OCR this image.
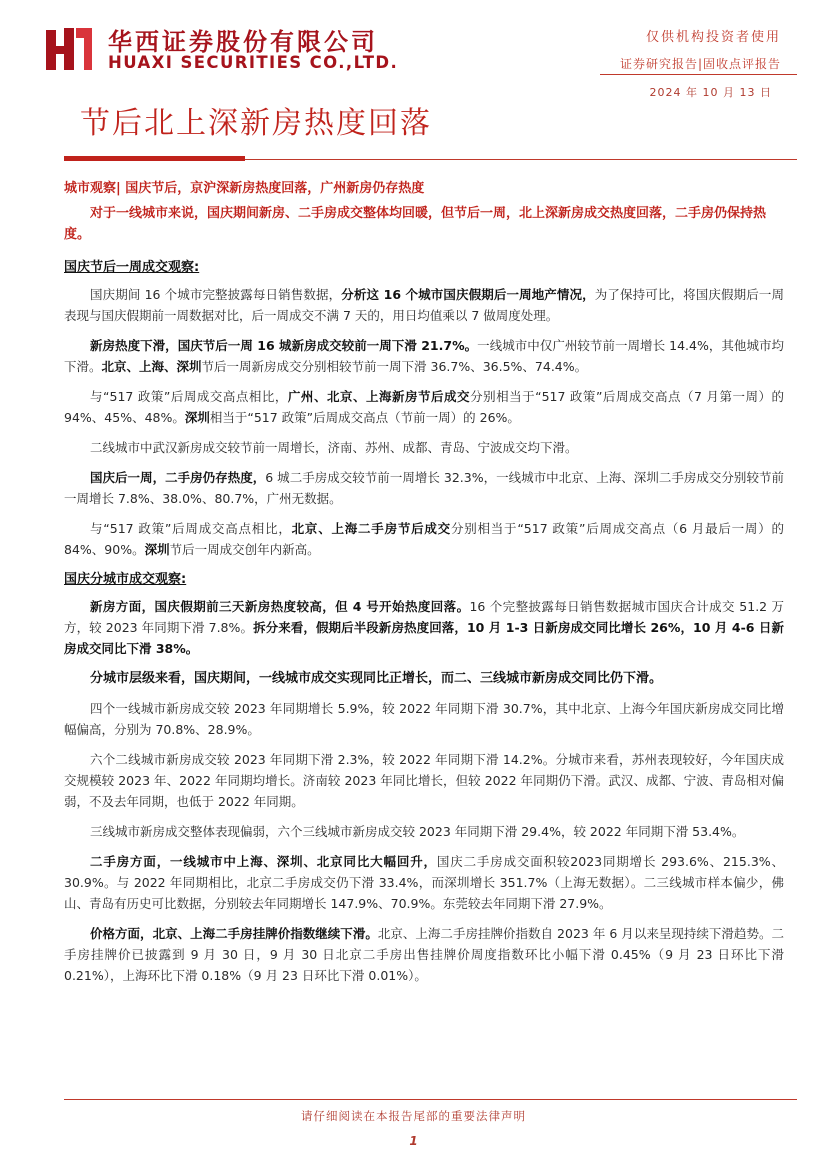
华西证券股份有限公司
HUAXI SECURITIES CO.,LTD.
仅供机构投资者使用
证券研究报告|固收点评报告
2024 年 10 月 13 日
节后北上深新房热度回落

城市观察| 国庆节后，京沪深新房热度回落，广州新房仍存热度

对于一线城市来说，国庆期间新房、二手房成交整体均回暖，但节后一周，北上深新房成交热度回落，二手房仍保持热度。

国庆节后一周成交观察:

国庆期间 16 个城市完整披露每日销售数据，分析这 16 个城市国庆假期后一周地产情况，为了保持可比，将国庆假期后一周表现与国庆假期前一周数据对比，后一周成交不满 7 天的，用日均值乘以 7 做周度处理。

新房热度下滑，国庆节后一周 16 城新房成交较前一周下滑 21.7%。一线城市中仅广州较节前一周增长 14.4%，其他城市均下滑。北京、上海、深圳节后一周新房成交分别相较节前一周下滑 36.7%、36.5%、74.4%。

与“517 政策”后周成交高点相比，广州、北京、上海新房节后成交分别相当于“517 政策”后周成交高点（7 月第一周）的 94%、45%、48%。深圳相当于“517 政策”后周成交高点（节前一周）的 26%。

二线城市中武汉新房成交较节前一周增长，济南、苏州、成都、青岛、宁波成交均下滑。

国庆后一周，二手房仍存热度，6 城二手房成交较节前一周增长 32.3%，一线城市中北京、上海、深圳二手房成交分别较节前一周增长 7.8%、38.0%、80.7%，广州无数据。

与“517 政策”后周成交高点相比，北京、上海二手房节后成交分别相当于“517 政策”后周成交高点（6 月最后一周）的 84%、90%。深圳节后一周成交创年内新高。

国庆分城市成交观察:

新房方面，国庆假期前三天新房热度较高，但 4 号开始热度回落。16 个完整披露每日销售数据城市国庆合计成交 51.2 万方，较 2023 年同期下滑 7.8%。拆分来看，假期后半段新房热度回落，10 月 1-3 日新房成交同比增长 26%，10 月 4-6 日新房成交同比下滑 38%。

分城市层级来看，国庆期间，一线城市成交实现同比正增长，而二、三线城市新房成交同比仍下滑。

四个一线城市新房成交较 2023 年同期增长 5.9%，较 2022 年同期下滑 30.7%，其中北京、上海今年国庆新房成交同比增幅偏高，分别为 70.8%、28.9%。

六个二线城市新房成交较 2023 年同期下滑 2.3%，较 2022 年同期下滑 14.2%。分城市来看，苏州表现较好，今年国庆成交规模较 2023 年、2022 年同期均增长。济南较 2023 年同比增长，但较 2022 年同期仍下滑。武汉、成都、宁波、青岛相对偏弱，不及去年同期，也低于 2022 年同期。

三线城市新房成交整体表现偏弱，六个三线城市新房成交较 2023 年同期下滑 29.4%，较 2022 年同期下滑 53.4%。

二手房方面，一线城市中上海、深圳、北京同比大幅回升，国庆二手房成交面积较2023同期增长 293.6%、215.3%、30.9%。与 2022 年同期相比，北京二手房成交仍下滑 33.4%，而深圳增长 351.7%（上海无数据）。二三线城市样本偏少，佛山、青岛有历史可比数据，分别较去年同期增长 147.9%、70.9%。东莞较去年同期下滑 27.9%。

价格方面，北京、上海二手房挂牌价指数继续下滑。北京、上海二手房挂牌价指数自 2023 年 6 月以来呈现持续下滑趋势。二手房挂牌价已披露到 9 月 30 日，9 月 30 日北京二手房出售挂牌价周度指数环比小幅下滑 0.45%（9 月 23 日环比下滑 0.21%），上海环比下滑 0.18%（9 月 23 日环比下滑 0.01%）。

请仔细阅读在本报告尾部的重要法律声明
1
